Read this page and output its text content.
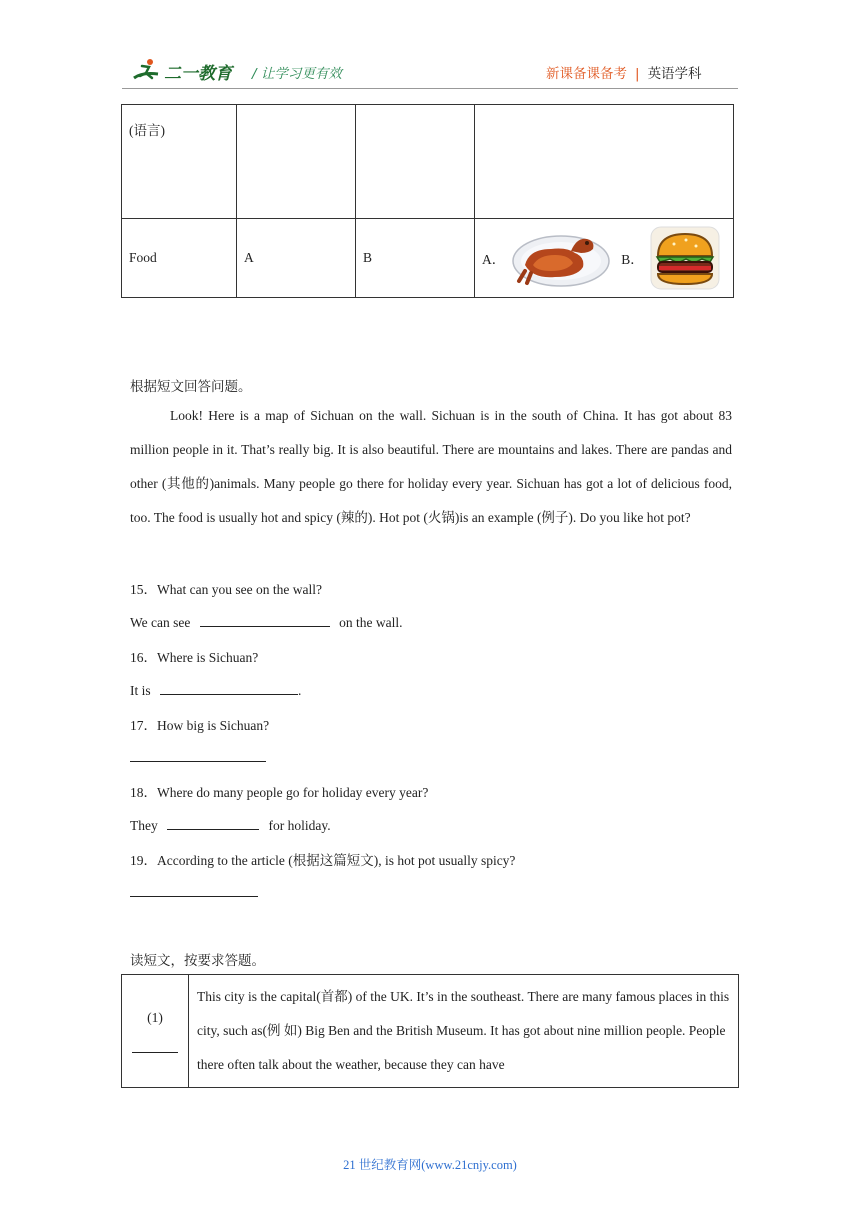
二一教育 / 让学习更有效	新课备课备考 | 英语学科
(语言)			
Food	A	B	A． B．
根据短文回答问题。
Look! Here is a map of Sichuan on the wall. Sichuan is in the south of China. It has got about 83 million people in it. That’s really big. It is also beautiful. There are mountains and lakes. There are pandas and other (其他的)animals. Many people go there for holiday every year. Sichuan has got a lot of delicious food, too. The food is usually hot and spicy (辣的). Hot pot (火锅)is an example (例子). Do you like hot pot?
15．What can you see on the wall?
We can see	on the wall.
16．Where is Sichuan?
It is	.
17．How big is Sichuan?
18．Where do many people go for holiday every year?
They	for holiday.
19．According to the article (根据这篇短文), is hot pot usually spicy?
读短文，按要求答题。
(1)
	This city is the capital(首都) of the UK. It’s in the southeast. There are many famous places in this city, such as(例 如) Big Ben and the British Museum. It has got about nine million people. People there often talk about the weather, because they can have
21 世纪教育网(www.21cnjy.com)
